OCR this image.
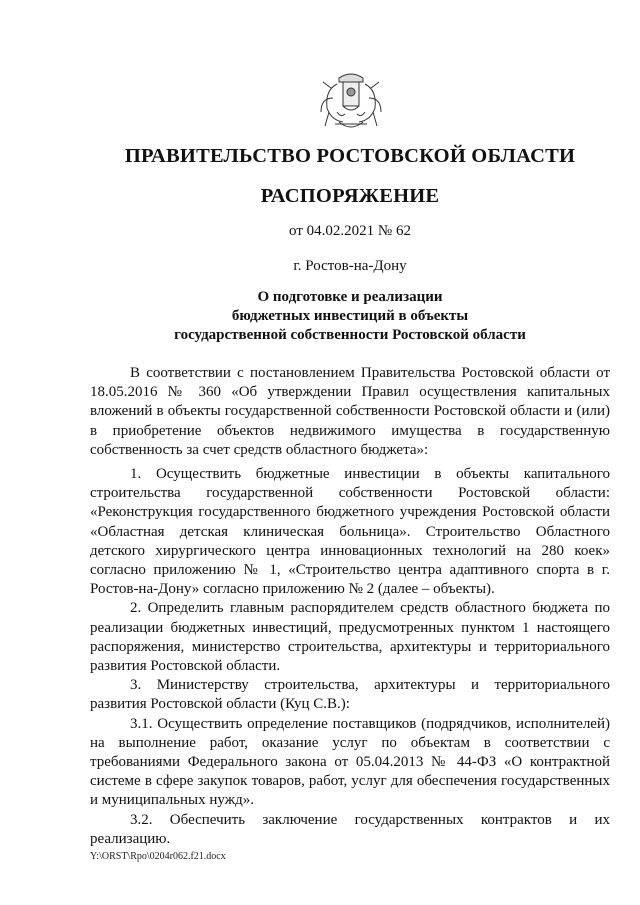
ПРАВИТЕЛЬСТВО РОСТОВСКОЙ ОБЛАСТИ
РАСПОРЯЖЕНИЕ
от 04.02.2021 № 62
г. Ростов-на-Дону
О подготовке и реализации
бюджетных инвестиций в объекты
государственной собственности Ростовской области

В соответствии с постановлением Правительства Ростовской области от 18.05.2016 № 360 «Об утверждении Правил осуществления капитальных вложений в объекты государственной собственности Ростовской области и (или) в приобретение объектов недвижимого имущества в государственную собственность за счет средств областного бюджета»:

1. Осуществить бюджетные инвестиции в объекты капитального строительства государственной собственности Ростовской области: «Реконструкция государственного бюджетного учреждения Ростовской области «Областная детская клиническая больница». Строительство Областного детского хирургического центра инновационных технологий на 280 коек» согласно приложению № 1, «Строительство центра адаптивного спорта в г. Ростов-на-Дону» согласно приложению № 2 (далее – объекты).

2. Определить главным распорядителем средств областного бюджета по реализации бюджетных инвестиций, предусмотренных пунктом 1 настоящего распоряжения, министерство строительства, архитектуры и территориального развития Ростовской области.

3. Министерству строительства, архитектуры и территориального развития Ростовской области (Куц С.В.):

3.1. Осуществить определение поставщиков (подрядчиков, исполнителей) на выполнение работ, оказание услуг по объектам в соответствии с требованиями Федерального закона от 05.04.2013 № 44-ФЗ «О контрактной системе в сфере закупок товаров, работ, услуг для обеспечения государственных и муниципальных нужд».

3.2. Обеспечить заключение государственных контрактов и их реализацию.

Y:\ORST\Rpo\0204r062.f21.docx
